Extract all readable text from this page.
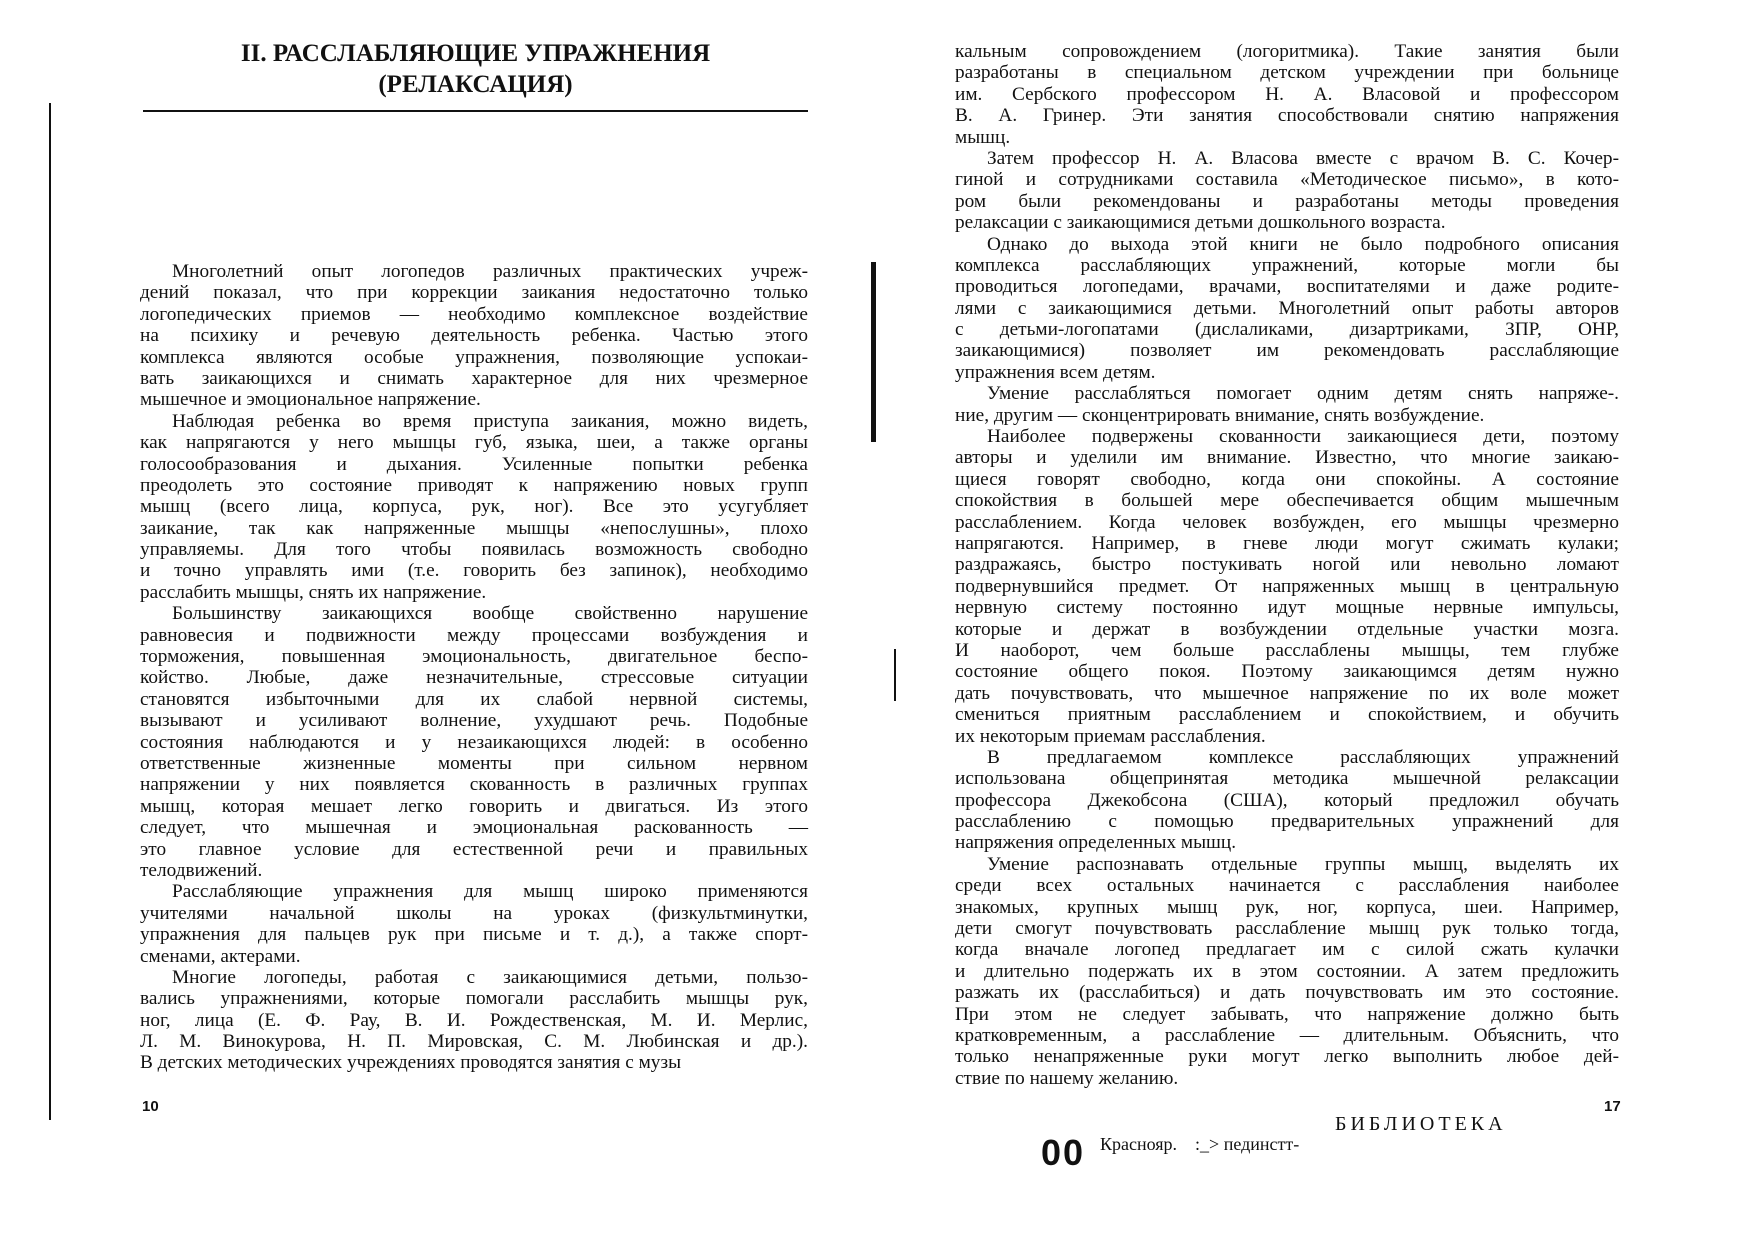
II. РАССЛАБЛЯЮЩИЕ УПРАЖНЕНИЯ
(РЕЛАКСАЦИЯ)
Многолетний опыт логопедов различных практических учреж-
дений показал, что при коррекции заикания недостаточно только
логопедических приемов — необходимо комплексное воздействие
на психику и речевую деятельность ребенка. Частью этого
комплекса являются особые упражнения, позволяющие успокаи-
вать заикающихся и снимать характерное для них чрезмерное
мышечное и эмоциональное напряжение.
Наблюдая ребенка во время приступа заикания, можно видеть,
как напрягаются у него мышцы губ, языка, шеи, а также органы
голосообразования и дыхания. Усиленные попытки ребенка
преодолеть это состояние приводят к напряжению новых групп
мышц (всего лица, корпуса, рук, ног). Все это усугубляет
заикание, так как напряженные мышцы «непослушны», плохо
управляемы. Для того чтобы появилась возможность свободно
и точно управлять ими (т.е. говорить без запинок), необходимо
расслабить мышцы, снять их напряжение.
Большинству заикающихся вообще свойственно нарушение
равновесия и подвижности между процессами возбуждения и
торможения, повышенная эмоциональность, двигательное беспо-
койство. Любые, даже незначительные, стрессовые ситуации
становятся избыточными для их слабой нервной системы,
вызывают и усиливают волнение, ухудшают речь. Подобные
состояния наблюдаются и у незаикающихся людей: в особенно
ответственные жизненные моменты при сильном нервном
напряжении у них появляется скованность в различных группах
мышц, которая мешает легко говорить и двигаться. Из этого
следует, что мышечная и эмоциональная раскованность —
это главное условие для естественной речи и правильных
телодвижений.
Расслабляющие упражнения для мышц широко применяются
учителями начальной школы на уроках (физкультминутки,
упражнения для пальцев рук при письме и т. д.), а также спорт-
сменами, актерами.
Многие логопеды, работая с заикающимися детьми, пользо-
вались упражнениями, которые помогали расслабить мышцы рук,
ног, лица (Е. Ф. Рау, В. И. Рождественская, М. И. Мерлис,
Л. М. Винокурова, Н. П. Мировская, С. М. Любинская и др.).
В детских методических учреждениях проводятся занятия с музы
кальным сопровождением (логоритмика). Такие занятия были
разработаны в специальном детском учреждении при больнице
им. Сербского профессором Н. А. Власовой и профессором
В. А. Гринер. Эти занятия способствовали снятию напряжения
мышц.
Затем профессор Н. А. Власова вместе с врачом В. С. Кочер-
гиной и сотрудниками составила «Методическое письмо», в кото-
ром были рекомендованы и разработаны методы проведения
релаксации с заикающимися детьми дошкольного возраста.
Однако до выхода этой книги не было подробного описания
комплекса расслабляющих упражнений, которые могли бы
проводиться логопедами, врачами, воспитателями и даже родите-
лями с заикающимися детьми. Многолетний опыт работы авторов
с детьми-логопатами (дислаликами, дизартриками, ЗПР, ОНР,
заикающимися) позволяет им рекомендовать расслабляющие
упражнения всем детям.
Умение расслабляться помогает одним детям снять напряже-.
ние, другим — сконцентрировать внимание, снять возбуждение.
Наиболее подвержены скованности заикающиеся дети, поэтому
авторы и уделили им внимание. Известно, что многие заикаю-
щиеся говорят свободно, когда они спокойны. А состояние
спокойствия в большей мере обеспечивается общим мышечным
расслаблением. Когда человек возбужден, его мышцы чрезмерно
напрягаются. Например, в гневе люди могут сжимать кулаки;
раздражаясь, быстро постукивать ногой или невольно ломают
подвернувшийся предмет. От напряженных мышц в центральную
нервную систему постоянно идут мощные нервные импульсы,
которые и держат в возбуждении отдельные участки мозга.
И наоборот, чем больше расслаблены мышцы, тем глубже
состояние общего покоя. Поэтому заикающимся детям нужно
дать почувствовать, что мышечное напряжение по их воле может
смениться приятным расслаблением и спокойствием, и обучить
их некоторым приемам расслабления.
В предлагаемом комплексе расслабляющих упражнений
использована общепринятая методика мышечной релаксации
профессора Джекобсона (США), который предложил обучать
расслаблению с помощью предварительных упражнений для
напряжения определенных мышц.
Умение распознавать отдельные группы мышц, выделять их
среди всех остальных начинается с расслабления наиболее
знакомых, крупных мышц рук, ног, корпуса, шеи. Например,
дети смогут почувствовать расслабление мышц рук только тогда,
когда вначале логопед предлагает им с силой сжать кулачки
и длительно подержать их в этом состоянии. А затем предложить
разжать их (расслабиться) и дать почувствовать им это состояние.
При этом не следует забывать, что напряжение должно быть
кратковременным, а расслабление — длительным. Объяснить, что
только ненапряженные руки могут легко выполнить любое дей-
ствие по нашему желанию.
10	17
БИБЛИОТЕКА
00 Краснояр.    :_> пединстт-
